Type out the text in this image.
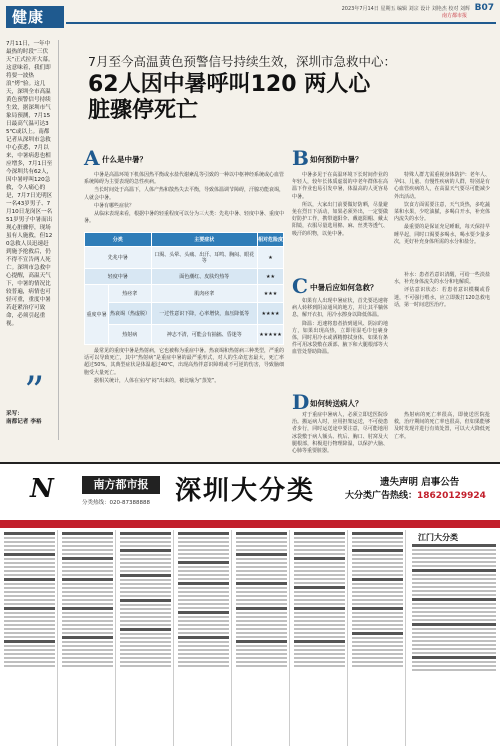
健康	2023年7月14日 星期五 编辑 刘宗 设计 刘艳杰 校对 刘辉
南方都市报
B07

7月11日，一年中最热的时段“三伏天”正式拉开大幕。这意味着，我们即将要一波热浪“烤”验。这几天，深圳全市高温黄色预警信号持续生效，据深圳市气象局预测，7月15日最高气温可达35℃或以上。南都记者从深圳市急救中心获悉，7月以来，中暑病患也相应增多，7月1日至今深圳共有62人，因中暑呼叫120急救，令人痛心的是，7月7日光明区一名43岁男子、7月10日龙岗区一名51岁男子中暑而出现心脏骤停，现场虽有人施救，但120急救人员迅速赶到施予抢救后，仍不得不宣告两人死亡。深圳市急救中心提醒，高温天气下，中暑的情况比较普遍，病情也可轻可重，重度中暑若赶紧治疗可致命，必须引起重视。

”
采写：
南都记者 李裕
7月至今高温黄色预警信号持续生效，深圳市急救中心：
62人因中暑呼叫120 两人心脏骤停死亡
A 什么是中暑？

中暑是高温环境下机体因热平衡或水盐代谢紊乱等引致的一种以中枢神经系统或心血管系统障碍为主要表现的急性疾病。

当长时间处于高温下，人体产热和散热失去平衡，导致体温调节障碍，汗腺功能衰竭，人就会中暑。

中暑有哪些症状？

从临床表现来看，根据中暑的轻重程度可以分为三大类：先兆中暑、轻度中暑、重度中暑。

分类		主要症状	相对危险度
先兆中暑		口渴、头晕、头痛、出汗、耳鸣、胸闷、眼花等	★
轻度中暑		面色潮红、皮肤灼热等	★★
重度中暑	热痉挛	肌肉痉挛	★★★
	热衰竭（热虚脱）	一过性意识下降，心率增快，血压降低等	★★★★
	热射病	神志不清，可能会有抽搐、昏迷等	★★★★★

最常见的重度中暑是热射病，它也被称为重症中暑。热衰竭和热射病三种类型，严重的话可以导致死亡，其中“热射病”是重症中暑的最严重形式，对人的生命危害最大，死亡率超过50%，其典型症状是体温超过40℃，出现高热伴意识障碍或不可逆的伤害，导致脑细胞受大量死亡。

据相关统计，人体在室内“闷”出来的，被比喻为“蒸笼”。

B 如何预防中暑？

中暑多见于在高温环境下长时间作业的年轻人，较年长体质虚弱的中老年群体在高温下作业也易引发中暑，体温高的人更容易中暑。

所以，大家出门前要做好防晒，尽量避免在烈日下活动，如果必须外出，一定要做好防护工作，携带遮阳伞、戴遮阳帽、戴太阳镜，衣服尽量选用棉、麻、丝类等透气、吸汗的织物，以免中暑。

特殊人群尤需重视身体防护：老年人、孕妇、儿童、有慢性疾病的人群，特别是有心血管疾病的人，在高温天气要尽可能减少外出活动。

饮食方面需要注意，天气炎热，多吃蔬菜和水果，少吃油腻，多喝白开水，补充体内流失的水分。

最重要的是保证充足睡眠，每天保持早睡早起，同时口渴要多喝水，喝水要少量多次，更好补充身体所需的水分和盐分。

C 中暑后应如何急救？

如果有人出现中暑症状，首先要迅速将病人转移到阴凉通风的地方，并让其平躺休息，解开衣扣，用冷水擦身以降低体温。

降温：迅速将患者抬到通风、阴凉的地方，如果出现高热，立即用湿毛巾包裹身体，同时用冷水或酒精擦拭身体，如果有条件可用冰袋敷在颈部、腋下和大腿根部等大血管处帮助降温。

补水：患者若意识清醒，可给一些淡盐水，补充身体流失的水分和电解质。

评估意识状态：若患者意识模糊或昏迷，不可强行喂水，应立即拨打120急救电话，第一时间送医治疗。

D 如何转送病人？

对于重症中暑病人，必须立即送医院诊治。搬运病人时，应用担架运送，不可使患者步行，同时运送途中要注意，尽可能地用冰袋敷于病人额头、枕后、胸口、肘窝及大腿根部，积极进行物理降温，以保护大脑、心肺等重要脏器。

热射病的死亡率很高，即使送医院抢救，治疗期间的死亡率也很高，但如果能够及时发现并进行有效处置，可以大大降低死亡率。

N	南方都市报
分类热线：020-87388888 深圳大分类	遗失声明 启事公告
大分类广告热线：18620129924
江门大分类
